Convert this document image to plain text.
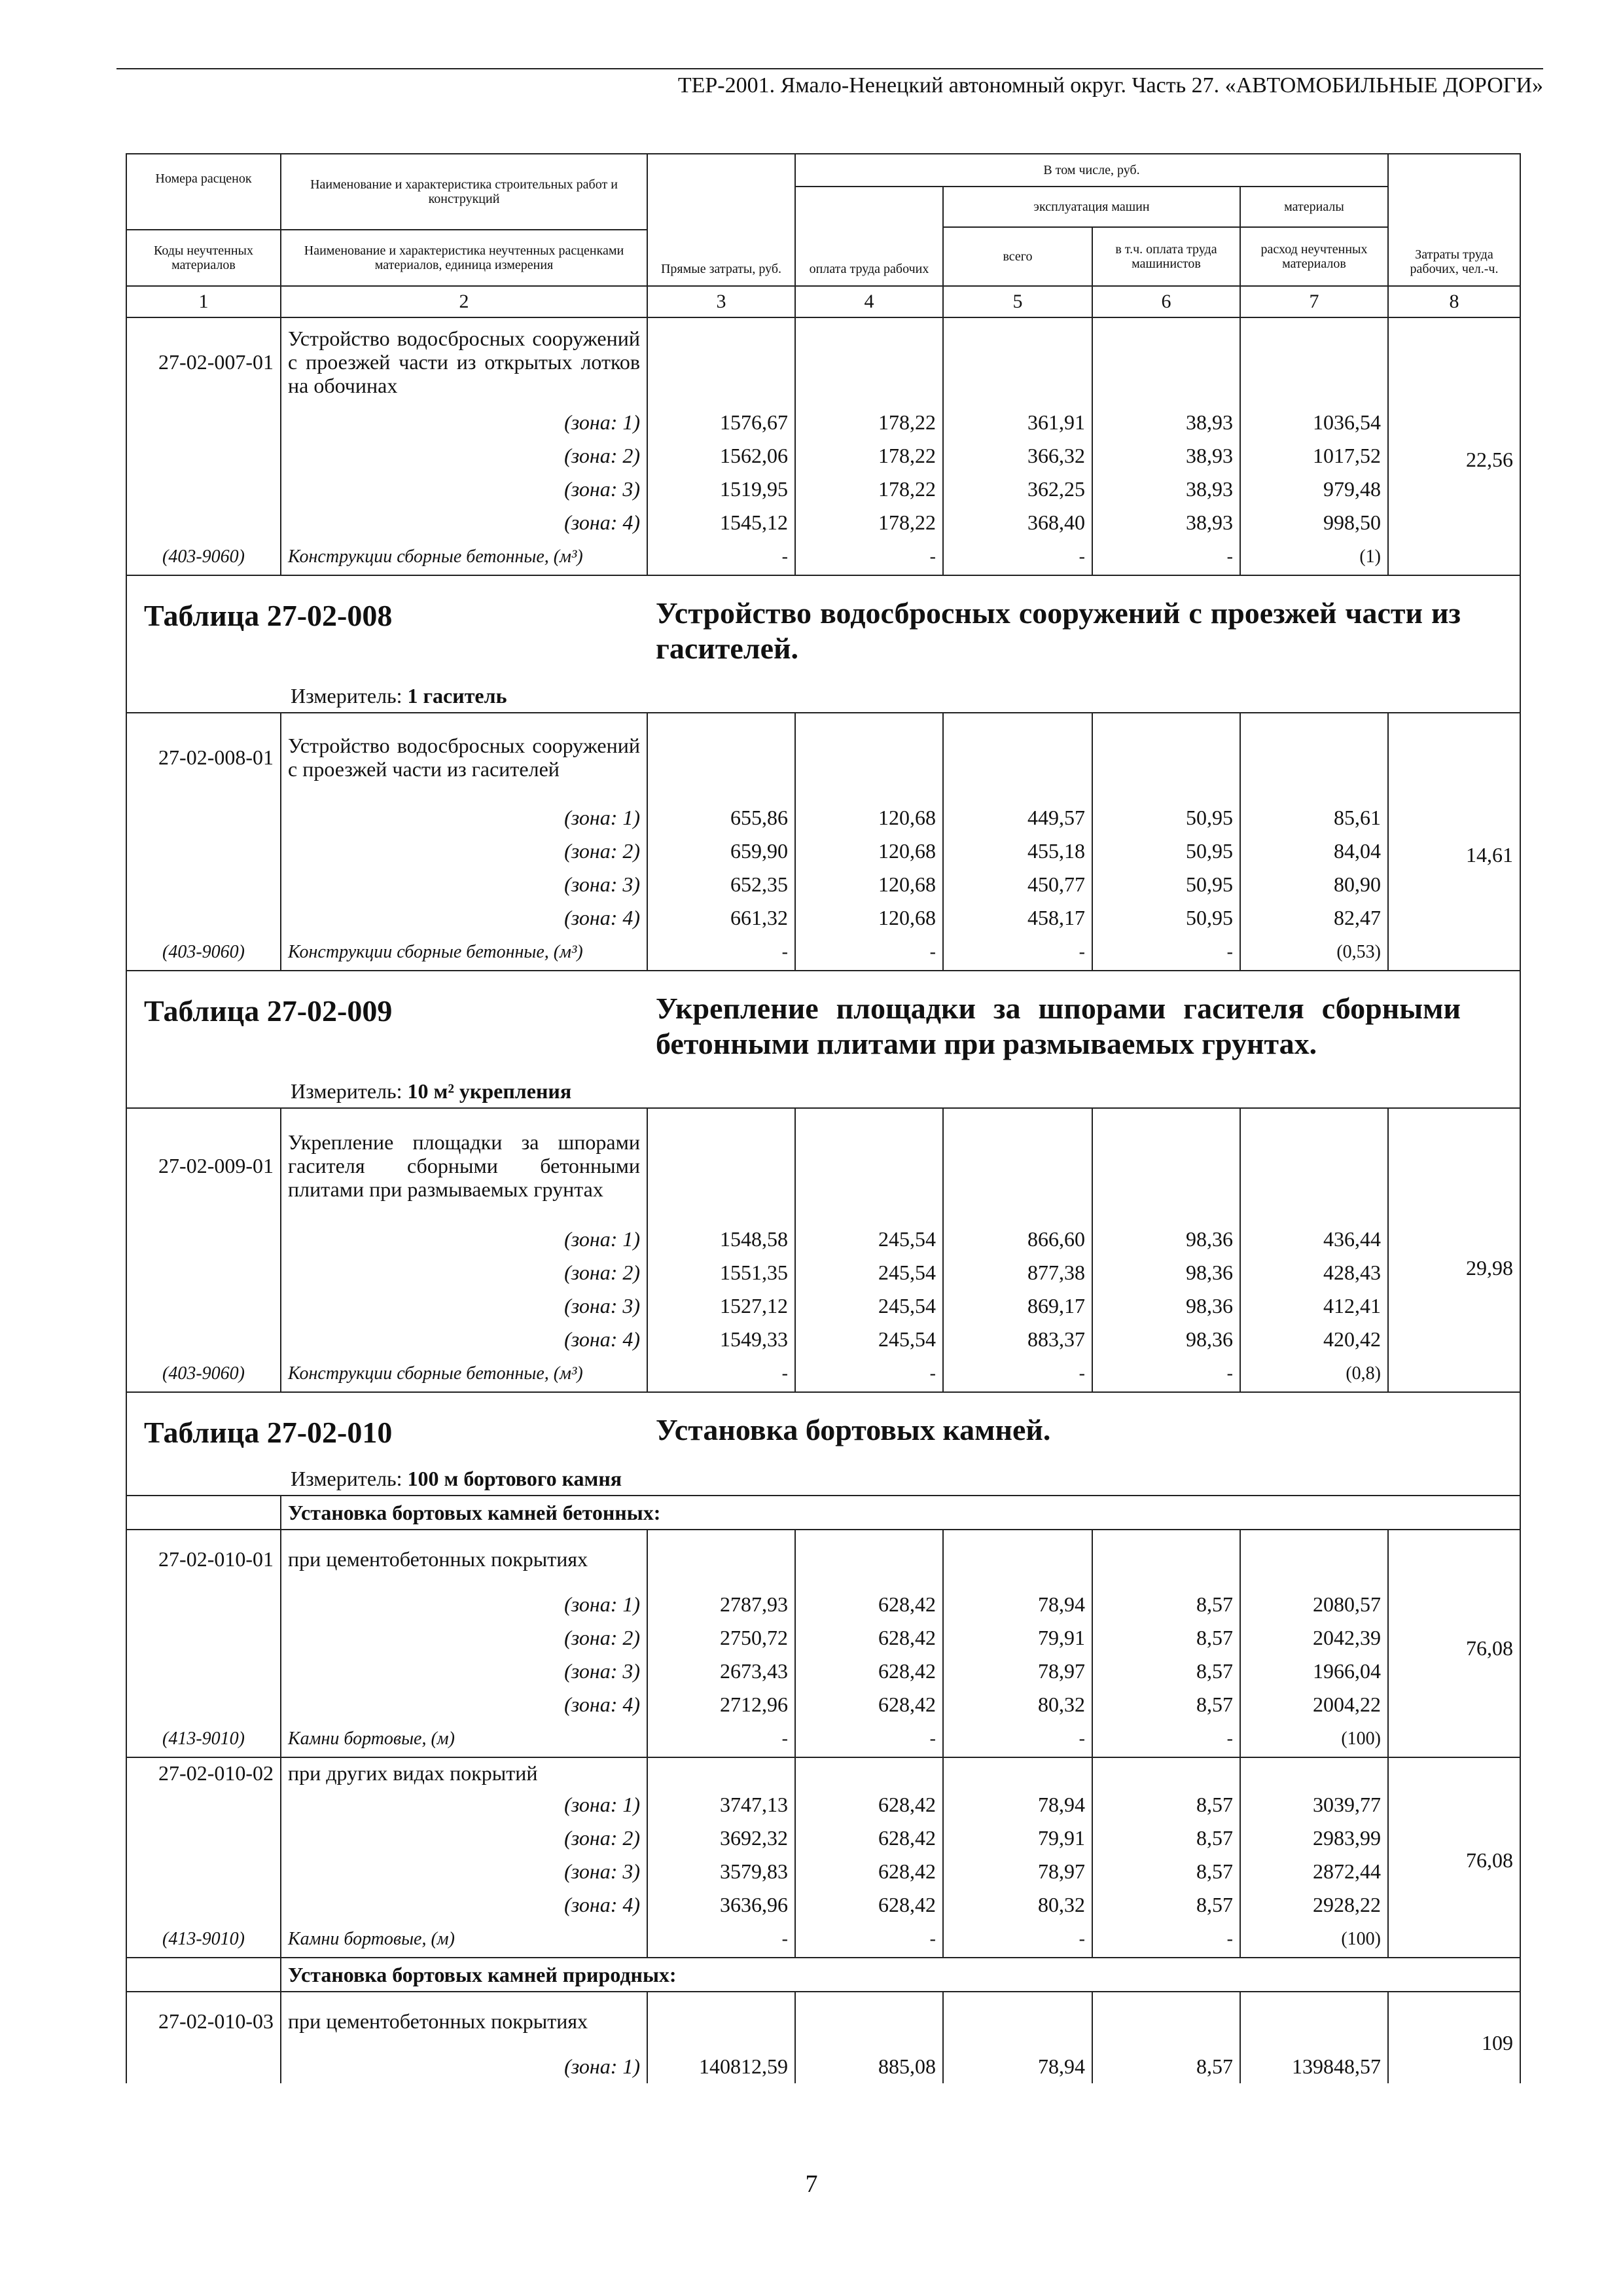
ТЕР-2001. Ямало-Ненецкий автономный округ. Часть 27. «АВТОМОБИЛЬНЫЕ ДОРОГИ»
Номера расценок	Наименование и характеристика строительных работ и конструкций	Прямые затраты, руб.	В том числе, руб.				Затраты труда рабочих, чел.-ч.
			оплата труда рабочих	эксплуатация машин		материалы	
				всего	в т.ч. оплата труда машинистов	расход неучтенных материалов	
Коды неучтенных материалов	Наименование и характеристика неучтенных расценками материалов, единица измерения						
1	2	3	4	5	6	7	8
27-02-007-01	Устройство водосбросных сооружений с проезжей части из открытых лотков на обочинах						22,56
	(зона: 1)	1576,67	178,22	361,91	38,93	1036,54	
	(зона: 2)	1562,06	178,22	366,32	38,93	1017,52	
	(зона: 3)	1519,95	178,22	362,25	38,93	979,48	
	(зона: 4)	1545,12	178,22	368,40	38,93	998,50	
(403-9060)	Конструкции сборные бетонные, (м³)	-	-	-	-	(1)	

Таблица 27-02-008 Устройство водосбросных сооружений с проезжей части из гасителей.
Измеритель: 1 гаситель							

27-02-008-01	Устройство водосбросных сооружений с проезжей части из гасителей						14,61
	(зона: 1)	655,86	120,68	449,57	50,95	85,61	
	(зона: 2)	659,90	120,68	455,18	50,95	84,04	
	(зона: 3)	652,35	120,68	450,77	50,95	80,90	
	(зона: 4)	661,32	120,68	458,17	50,95	82,47	
(403-9060)	Конструкции сборные бетонные, (м³)	-	-	-	-	(0,53)	

Таблица 27-02-009 Укрепление площадки за шпорами гасителя сборными бетонными плитами при размываемых грунтах.
Измеритель: 10 м² укрепления							

27-02-009-01	Укрепление площадки за шпорами гасителя сборными бетонными плитами при размываемых грунтах						29,98
	(зона: 1)	1548,58	245,54	866,60	98,36	436,44	
	(зона: 2)	1551,35	245,54	877,38	98,36	428,43	
	(зона: 3)	1527,12	245,54	869,17	98,36	412,41	
	(зона: 4)	1549,33	245,54	883,37	98,36	420,42	
(403-9060)	Конструкции сборные бетонные, (м³)	-	-	-	-	(0,8)	

Таблица 27-02-010 Установка бортовых камней.
Измеритель: 100 м бортового камня							

	Установка бортовых камней бетонных:						
27-02-010-01	при цементобетонных покрытиях						76,08
	(зона: 1)	2787,93	628,42	78,94	8,57	2080,57	
	(зона: 2)	2750,72	628,42	79,91	8,57	2042,39	
	(зона: 3)	2673,43	628,42	78,97	8,57	1966,04	
	(зона: 4)	2712,96	628,42	80,32	8,57	2004,22	
(413-9010)	Камни бортовые, (м)	-	-	-	-	(100)	
27-02-010-02	при других видах покрытий						76,08
	(зона: 1)	3747,13	628,42	78,94	8,57	3039,77	
	(зона: 2)	3692,32	628,42	79,91	8,57	2983,99	
	(зона: 3)	3579,83	628,42	78,97	8,57	2872,44	
	(зона: 4)	3636,96	628,42	80,32	8,57	2928,22	
(413-9010)	Камни бортовые, (м)	-	-	-	-	(100)	
	Установка бортовых камней природных:						
27-02-010-03	при цементобетонных покрытиях						109
	(зона: 1)	140812,59	885,08	78,94	8,57	139848,57	
7
